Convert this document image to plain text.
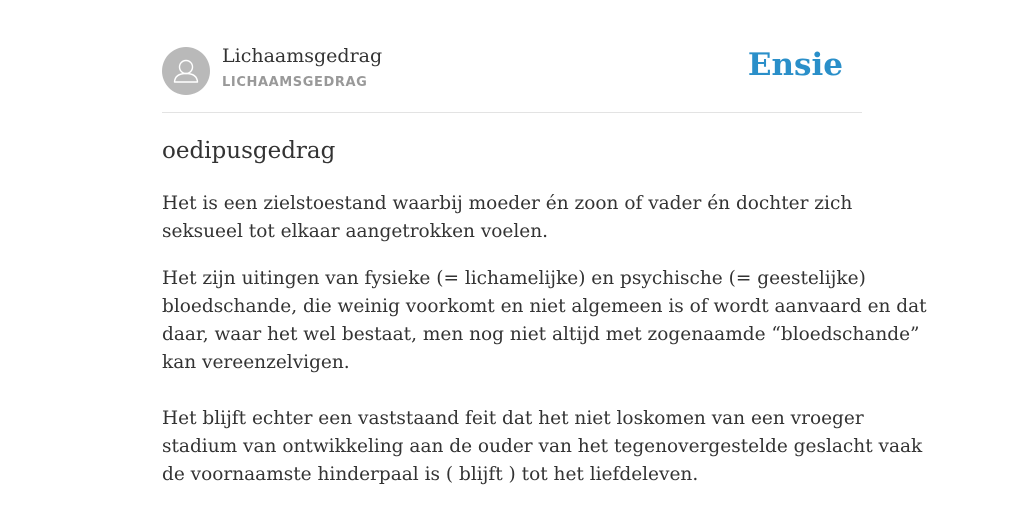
Lichaamsgedrag
LICHAAMSGEDRAG	Ensie
oedipusgedrag
Het is een zielstoestand waarbij moeder én zoon of vader én dochter zich
seksueel tot elkaar aangetrokken voelen.
Het zijn uitingen van fysieke (= lichamelijke) en psychische (= geestelijke)
bloedschande, die weinig voorkomt en niet algemeen is of wordt aanvaard en dat
daar, waar het wel bestaat, men nog niet altijd met zogenaamde “bloedschande”
kan vereenzelvigen.
Het blijft echter een vaststaand feit dat het niet loskomen van een vroeger
stadium van ontwikkeling aan de ouder van het tegenovergestelde geslacht vaak
de voornaamste hinderpaal is ( blijft ) tot het liefdeleven.
